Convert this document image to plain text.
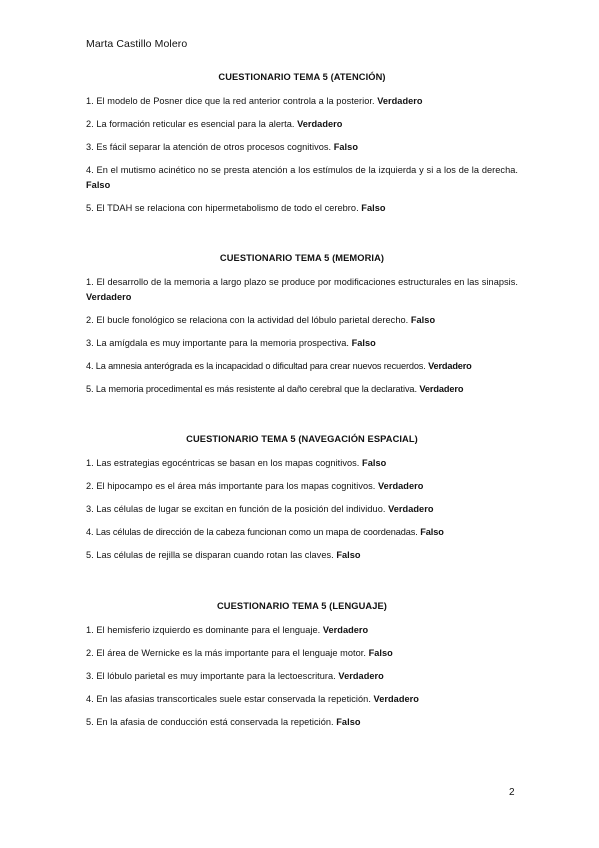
Marta Castillo Molero
CUESTIONARIO TEMA 5 (ATENCIÓN)
1. El modelo de Posner dice que la red anterior controla a la posterior. Verdadero
2. La formación reticular es esencial para la alerta. Verdadero
3. Es fácil separar la atención de otros procesos cognitivos. Falso
4. En el mutismo acinético no se presta atención a los estímulos de la izquierda y si a los de la derecha. Falso
5. El TDAH se relaciona con hipermetabolismo de todo el cerebro. Falso
CUESTIONARIO TEMA 5 (MEMORIA)
1. El desarrollo de la memoria a largo plazo se produce por modificaciones estructurales en las sinapsis. Verdadero
2. El bucle fonológico se relaciona con la actividad del lóbulo parietal derecho. Falso
3. La amígdala es muy importante para la memoria prospectiva. Falso
4. La amnesia anterógrada es la incapacidad o dificultad para crear nuevos recuerdos. Verdadero
5. La memoria procedimental es más resistente al daño cerebral que la declarativa. Verdadero
CUESTIONARIO TEMA 5 (NAVEGACIÓN ESPACIAL)
1. Las estrategias egocéntricas se basan en los mapas cognitivos. Falso
2. El hipocampo es el área más importante para los mapas cognitivos. Verdadero
3. Las células de lugar se excitan en función de la posición del individuo. Verdadero
4. Las células de dirección de la cabeza funcionan como un mapa de coordenadas. Falso
5. Las células de rejilla se disparan cuando rotan las claves. Falso
CUESTIONARIO TEMA 5 (LENGUAJE)
1. El hemisferio izquierdo es dominante para el lenguaje. Verdadero
2. El área de Wernicke es la más importante para el lenguaje motor. Falso
3. El lóbulo parietal es muy importante para la lectoescritura. Verdadero
4. En las afasias transcorticales suele estar conservada la repetición. Verdadero
5. En la afasia de conducción está conservada la repetición. Falso
2
